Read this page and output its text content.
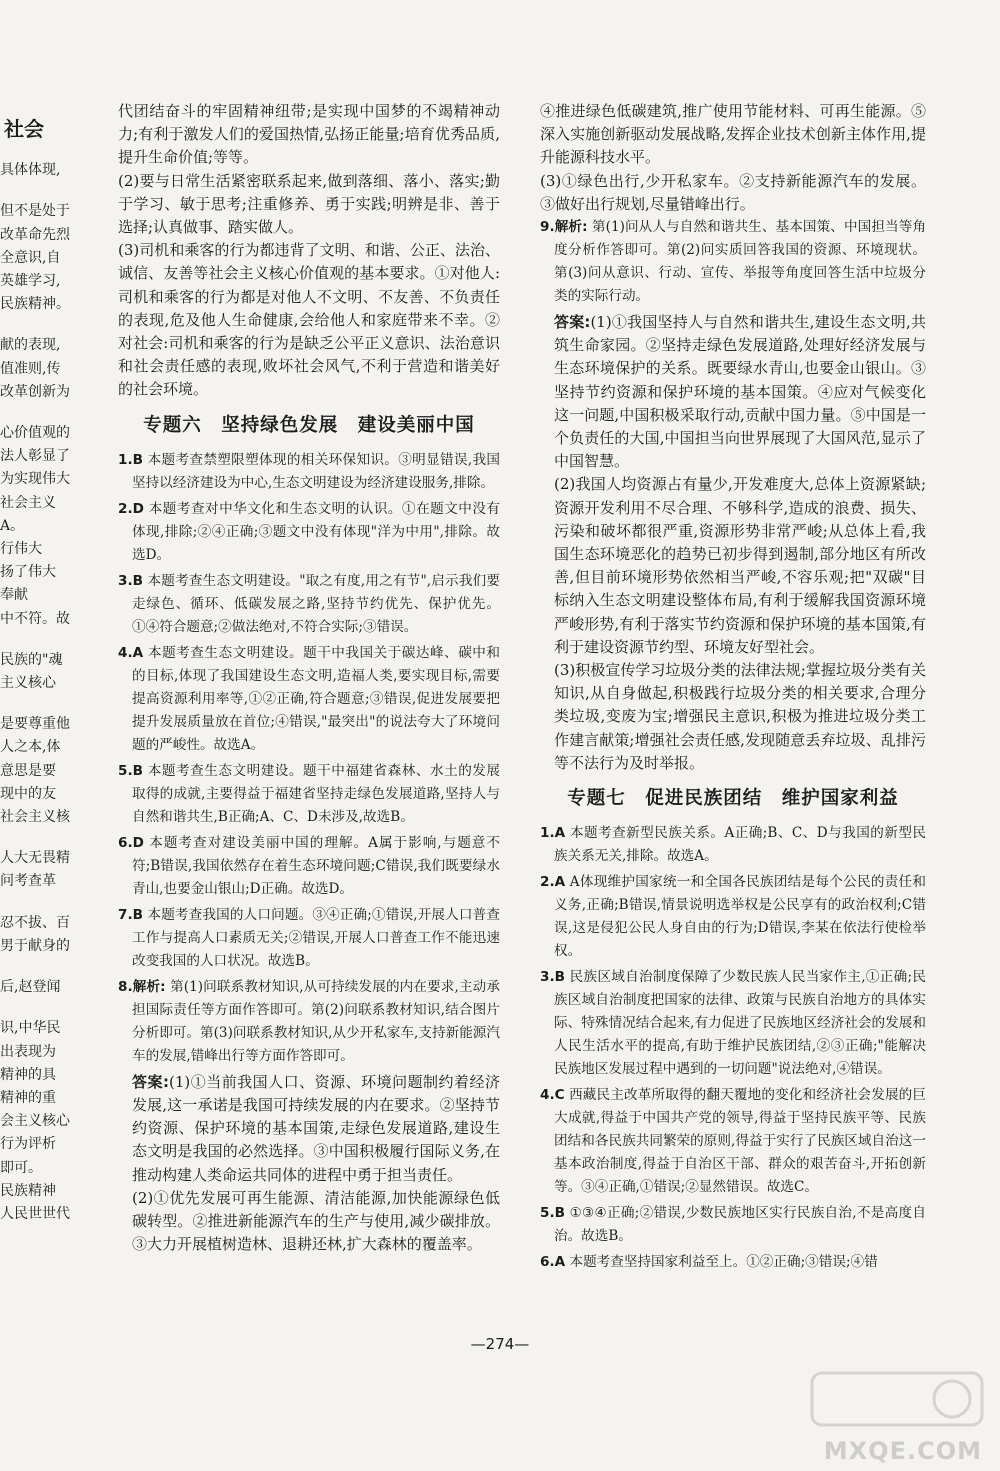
社会
具体体现,
但不是处于
改革命先烈
全意识,自
英雄学习,
民族精神。
献的表现,
值准则,传
改革创新为
心价值观的
法人彰显了
为实现伟大
社会主义
A。
行伟大
扬了伟大
奉献
中不符。故
民族的"魂
主义核心
是要尊重他
人之本,体
意思是要
现中的友
社会主义核
人大无畏精
问考查革
忍不拔、百
男于献身的
后,赵登闻
识,中华民
出表现为
精神的具
精神的重
会主义核心
行为评析
即可。
民族精神
人民世世代

代团结奋斗的牢固精神纽带;是实现中国梦的不竭精神动力;有利于激发人们的爱国热情,弘扬正能量;培育优秀品质,提升生命价值;等等。

(2)要与日常生活紧密联系起来,做到落细、落小、落实;勤于学习、敏于思考;注重修养、勇于实践;明辨是非、善于选择;认真做事、踏实做人。

(3)司机和乘客的行为都违背了文明、和谐、公正、法治、诚信、友善等社会主义核心价值观的基本要求。①对他人:司机和乘客的行为都是对他人不文明、不友善、不负责任的表现,危及他人生命健康,会给他人和家庭带来不幸。②对社会:司机和乘客的行为是缺乏公平正义意识、法治意识和社会责任感的表现,败坏社会风气,不利于营造和谐美好的社会环境。

专题六　坚持绿色发展　建设美丽中国
1.B 本题考查禁塑限塑体现的相关环保知识。③明显错误,我国坚持以经济建设为中心,生态文明建设为经济建设服务,排除。
2.D 本题考查对中华文化和生态文明的认识。①在题文中没有体现,排除;②④正确;③题文中没有体现"洋为中用",排除。故选D。
3.B 本题考查生态文明建设。"取之有度,用之有节",启示我们要走绿色、循环、低碳发展之路,坚持节约优先、保护优先。①④符合题意;②做法绝对,不符合实际;③错误。
4.A 本题考查生态文明建设。题干中我国关于碳达峰、碳中和的目标,体现了我国建设生态文明,造福人类,要实现目标,需要提高资源利用率等,①②正确,符合题意;③错误,促进发展要把提升发展质量放在首位;④错误,"最突出"的说法夸大了环境问题的严峻性。故选A。
5.B 本题考查生态文明建设。题干中福建省森林、水土的发展取得的成就,主要得益于福建省坚持走绿色发展道路,坚持人与自然和谐共生,B正确;A、C、D未涉及,故选B。
6.D 本题考查对建设美丽中国的理解。A属于影响,与题意不符;B错误,我国依然存在着生态环境问题;C错误,我们既要绿水青山,也要金山银山;D正确。故选D。
7.B 本题考查我国的人口问题。③④正确;①错误,开展人口普查工作与提高人口素质无关;②错误,开展人口普查工作不能迅速改变我国的人口状况。故选B。
8.解析: 第(1)问联系教材知识,从可持续发展的内在要求,主动承担国际责任等方面作答即可。第(2)问联系教材知识,结合图片分析即可。第(3)问联系教材知识,从少开私家车,支持新能源汽车的发展,错峰出行等方面作答即可。

答案:(1)①当前我国人口、资源、环境问题制约着经济发展,这一承诺是我国可持续发展的内在要求。②坚持节约资源、保护环境的基本国策,走绿色发展道路,建设生态文明是我国的必然选择。③中国积极履行国际义务,在推动构建人类命运共同体的进程中勇于担当责任。

(2)①优先发展可再生能源、清洁能源,加快能源绿色低碳转型。②推进新能源汽车的生产与使用,减少碳排放。③大力开展植树造林、退耕还林,扩大森林的覆盖率。

④推进绿色低碳建筑,推广使用节能材料、可再生能源。⑤深入实施创新驱动发展战略,发挥企业技术创新主体作用,提升能源科技水平。

(3)①绿色出行,少开私家车。②支持新能源汽车的发展。③做好出行规划,尽量错峰出行。

9.解析: 第(1)问从人与自然和谐共生、基本国策、中国担当等角度分析作答即可。第(2)问实质回答我国的资源、环境现状。第(3)问从意识、行动、宣传、举报等角度回答生活中垃圾分类的实际行动。

答案:(1)①我国坚持人与自然和谐共生,建设生态文明,共筑生命家园。②坚持走绿色发展道路,处理好经济发展与生态环境保护的关系。既要绿水青山,也要金山银山。③坚持节约资源和保护环境的基本国策。④应对气候变化这一问题,中国积极采取行动,贡献中国力量。⑤中国是一个负责任的大国,中国担当向世界展现了大国风范,显示了中国智慧。

(2)我国人均资源占有量少,开发难度大,总体上资源紧缺;资源开发利用不尽合理、不够科学,造成的浪费、损失、污染和破坏都很严重,资源形势非常严峻;从总体上看,我国生态环境恶化的趋势已初步得到遏制,部分地区有所改善,但目前环境形势依然相当严峻,不容乐观;把"双碳"目标纳入生态文明建设整体布局,有利于缓解我国资源环境严峻形势,有利于落实节约资源和保护环境的基本国策,有利于建设资源节约型、环境友好型社会。

(3)积极宣传学习垃圾分类的法律法规;掌握垃圾分类有关知识,从自身做起,积极践行垃圾分类的相关要求,合理分类垃圾,变废为宝;增强民主意识,积极为推进垃圾分类工作建言献策;增强社会责任感,发现随意丢弃垃圾、乱排污等不法行为及时举报。

专题七　促进民族团结　维护国家利益
1.A 本题考查新型民族关系。A正确;B、C、D与我国的新型民族关系无关,排除。故选A。
2.A A体现维护国家统一和全国各民族团结是每个公民的责任和义务,正确;B错误,情景说明选举权是公民享有的政治权利;C错误,这是侵犯公民人身自由的行为;D错误,李某在依法行使检举权。
3.B 民族区域自治制度保障了少数民族人民当家作主,①正确;民族区域自治制度把国家的法律、政策与民族自治地方的具体实际、特殊情况结合起来,有力促进了民族地区经济社会的发展和人民生活水平的提高,有助于维护民族团结,②③正确;"能解决民族地区发展过程中遇到的一切问题"说法绝对,④错误。
4.C 西藏民主改革所取得的翻天覆地的变化和经济社会发展的巨大成就,得益于中国共产党的领导,得益于坚持民族平等、民族团结和各民族共同繁荣的原则,得益于实行了民族区域自治这一基本政治制度,得益于自治区干部、群众的艰苦奋斗,开拓创新等。③④正确,①错误;②显然错误。故选C。
5.B ①③④正确;②错误,少数民族地区实行民族自治,不是高度自治。故选B。
6.A 本题考查坚持国家利益至上。①②正确;③错误;④错
—274—
MXQE.COM
